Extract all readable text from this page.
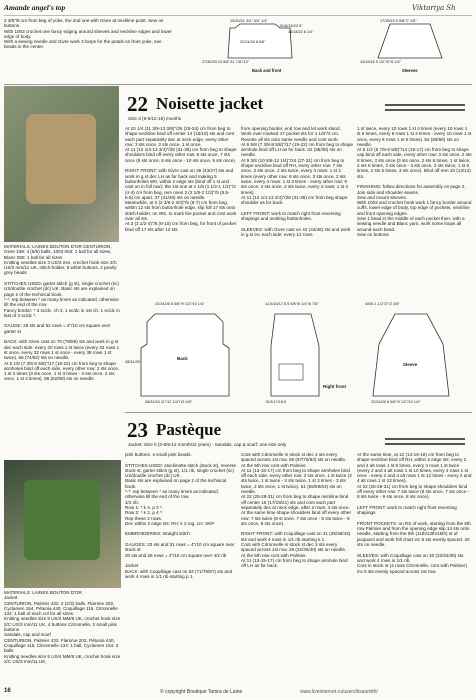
Amande angel's top	Viktoriya Sh
2 3/8"/6 cm from beg of yoke, the 2nd one with Givre at neckline point. Sew on buttons.
With 1003 crochet one fancy edging around sleeves and neckline edges and lower edge of body.
With a sewing needle and Givre work 3 loops for the petals on front yoke, see beads in the center.
19/20/21 3/4" 3/4" 1/4"
5/16/18/22 5"
16/18/22 6 1/4"
22/24/26 8 5/8"
27/30/33 10 5/8"/11 7/8"/13"
Back and front
17/18/19 5 5/8"/7 1/8"
14/15/16 5 1/2"/6"/6 1/4"
Sleeves
22 Noisette jacket
Size 3 (6-9/12-18) months
MATERIALS: LAINES BOUTON D'OR CENTURION, Givre 239: 4 (5/6) balls, 1003 003: 1 ball for all sizes, Blanc 050: 1 ball for all sizes
Knitting needles size 3 US/3 mm, crochet hook size 2/C US/3 mm/11 UK, stitch-holder, 5 white buttons, 2 pearly grey beads

STITCHES USED: garter stitch (g st), single crochet (sc) US/double crochet (dc) UK. Basic sts are explained on page 2 of the technical book.
*-*: rep between * as many times as indicated, otherwise till the end of the row
Fancy border: * 3 sc/dc, ch 3, 1 sc/dc in 1st ch, 1 sc/dc in last of 3 sc/dc *.

GAUGE: 25 sts and 52 rows = 4"/10 cm square over garter st

BACK: with Givre cast on 70 (78/86) sts and work in g st dec each side: every 30 rows 1 st twice (every 34 rows 1 st once, every 32 rows 1 st once - every 38 rows 1 st twice). 66 (74/82) sts on needle.
At 5 1/8 (7 3/8-8 5/8)"/17 (19-22) cm from beg to shape armholes bind off each side, every other row: 2 sts once, 1 st 3 times (3 sts once, 1 st 3 times - 3 sts once, 2 sts once, 1 st 3 times). 56 (62/68) sts on needle.
At 10 1/4 (11 3/8-13 3/8)"/26 (29-34) cm from beg to shape neckline bind off center 14 (16/18) sts and cont each part separately dec at neck edge, every other row: 3 sts once, 2 sts once, 1 st once.
At 11 (12 1/4-13 3/4)"/28 (31-35) cm from beg to shape shoulders bind off every other row: 6 sts once, 7 sts once (9 sts once, 8 sts once - 10 sts once, 9 sts once).

RIGHT FRONT: with Givre cast on 39 (43/47) sts and work in g st dec LH as for back and making 5 buttonholes Wtr, within 2 edge sts (bind off 1 st and cast on in foll row): the 1st one at 1 1/8 (1 1/2-1 1/2)"/3 (4-4) cm from beg, rem ones 2 (2 1/8-2 1/2)"/5 (5.5-6.5) cm apart. 37 (41/45) sts on needle.
Meanwhile, at 2 (2 3/8-2 3/4)"/5 (6-7) cm from beg, within 12 sts from buttonhole edge, slip foll 17 sts onto stitch-holder, on WS, to mark the pocket and cont work over all sts.
At 3 (3 1/2-4)"/8 (9-10) cm from beg, for front of pocket bind off 17 sts after 12 sts
from opening border, end row and let work stand.
Work over marked 17 pocket sts for 1 1/8"/3 cm. Reunite all sts onto same needle and cont work.
At 6 5/8 (7 3/8-8 5/8)"/17 (19-22) cm from beg to shape armhole bind off LH as for back. 32 (35/38) sts on needle.
At 9 3/8 (10 5/8-12 1/4)"/24 (27-31) cm from beg to shape neckline bind off RH, every other row: 7 sts once, 3 sts once, 2 sts twice, every 4 rows: 1 st 3 times (every other row: 8 sts once, 3 sts once, 2 sts twice, every 4 rows: 1 st 3 times - every other row: 9 sts once, 3 sts once, 2 sts twice, every 4 rows: 1 st 3 times).
At 11 (12 1/4-13 3/4)"/28 (31-35) cm from beg shape shoulder as for back.

LEFT FRONT: work to match right front reversing shapings and omitting buttonholes.

SLEEVES: with Givre cast on 42 (44/46) sts and work in g st inc each side: every 12 rows
1 st twice, every 10 rows 1 st 4 times (every 10 rows 1 st 6 times, every 8 rows 1 st 4 times - every 10 rows 1 st once, every 8 rows 1 st 9 times). 54 (60/66) sts on needle.
At 5 1/2 (5 7/8-6 5/8)"/14 (15-17) cm from beg to shape cap bind off each side, every other row: 3 sts once, 2 sts 8 times, 3 sts once (3 sts once, 2 sts 6 times, 1 st twice, 2 sts 6 times, 3 sts once - 3 sts once, 2 sts twice, 1 st 6 times, 2 sts 5 times, 3 sts once). Bind off rem 10 (12/14) sts.

FINISHING: follow directions for assembly on page 2.
Join side and shoulder seams.
Sew and mount sleeves.
With 1003 and crochet hook work 1 fancy border around cuffs, lower edge of body, top edge of pockets, neckline and front opening edges.
Sew 1 bead in the middle of each pocket then, with a sewing needle and Blanc yarn, work some loops all around each bead.
Sew on buttons
22/24/26 8 5/8"/9 1/2"/10 1/4"
28/31/35
28/31/34 11"/12 1/4"/13 3/8"
Back
14,5/16/17,5 5 5/8"/6 1/4"/6 7/8"
15,5/17/18,5
Right front
4/5/6 1 1/2"/2"/2 3/8"
22/24/26 8 5/8"/9 1/2"/10 1/4"
Sleeve
23 Pastèque
Jacket: Size 0 (3-6/9-12 months/2 years) - Sandals, cap & scarf: one size only
MATERIALS: LAINES BOUTON D'OR
Jacket
CENTURION, Palmier 432: 2 (2/3) balls, Flamme 202, Cyclamen 154, Pétunia 440, Coquillage 116, Citronnelle 134: 1 ball of each col for all sizes.
Knitting needles size 5 US/4 MM/8 UK, crochet hook size 2/C US/3 mm/11 UK, 4 buttons Citronnelle, 2 small pink buttons
Sandals, cap and scarf
CENTURION, Palmier 432, Flamme 202, Pétunia 440, Coquillage 116, Citronnelle 134: 1 ball, Cyclamen 154: 2 balls
Knitting needles size 5 US/4 MM/8 UK, crochet hook size 2/C US/3 mm/11 UK,
pink buttons, 4 small pink beads.

STITCHES USED: stockinette stitch (stock st), reverse stock st, garter stitch (g st), 1/1 rib, single crochet (sc) US/double crochet (dc) UK.
Basic sts are explained on page 2 of the technical book.
*-*: rep between * as many times as indicated, otherwise till the end of the row.
4/2 rib:
Row 1: * k 4, p 2 *.
Row 2: * k 2, p 4 *.
Rep these 2 rows.
Dec within 2 edge sts: RH: k 2 tog, LH: SKP

EMBROIDERIES: straight stitch

GAUGES: 23 sts and 31 rows = 4"/10 cm square over stock st
30 sts and 29 rows = 4"/10 cm square over 4/2 rib

Jacket
BACK: with Coquillage cast on 63 (71/79/87) sts and work 4 rows in 1/1 rib starting p 1.
Cont with Citronnelle in stock st dec 4 sts every spaced across 1st row. 59 (67/75/83) sts on needle.
At the 5th row cont with Palmier.
At 11 (13-15-17) cm from beg to shape armholes bind off each side, every other row: 2 sts once, 1 st twice (3 sts twice, 1 st twice - 3 sts twice, 1 st 3 times - 3 sts twice, 2 sts once, 1 st twice). 51 (55/59/63) sts on needle.
At 22 (25-28-31) cm from beg to shape neckline bind off center 15 (17/19/21) sts and cont each part separately dec at neck edge, after 2 rows: 4 sts once.
At the same time shape shoulders bind off every other row: 7 sts twice (8 st once, 7 sts once - 8 sts twice - 9 sts once, 8 sts once).

RIGHT FRONT: with Coquillage cast on 31 (35/39/43) sts and work 4 rows in 1/1 rib starting k 1.
Cont with Citronnelle in stock st dec 3 sts every spaced across 1st row. 28 (32/36/40) sts on needle.
At the 5th row cont with Palmier.
At 11 (13-15-17) cm from beg to shape armhole bind off LH as for back.
At the same time, at 12 (14-16-18) cm from beg to shape neckline bind off RH, within 2 edge sts: every 2 and 4 alt rows 1 st 8 times, every 4 rows 1 st twice (every 2 and 4 alt rows 1 st 10 times, every 4 rows 1 st once - every 2 and 4 alt rows 1 st 12 times - every 2 and 4 alt rows 1 st 13 times).
At 22 (25-28-31) cm from beg to shape shoulders bind off every other row: 7 sts twice (8 sts once, 7 sts once - 8 sts twice - 9 sts once, 8 sts once).

LEFT FRONT: work to match right front reversing shapings.

FRONT POCKETS: on RS of work, starting from the 5th row Palmier and from the opening edge slip 14 sts onto needle, starting from the 9th (11th/13th/15th) st of jacquard and work foll chart inc 6 sts evenly spaced. 20 sts on needle.

SLEEVES: with Coquillage cast on 30 (32/34/36) sts and work 4 rows in 1/1 rib.
Cont in stock st (4 rows Citronnelle, cont with Palmier) inc 5 sts evenly spaced across 1st row.
16	© copyright Boutique Tamra de Laine	www.liveinternet.ru/users/lisasmith/
